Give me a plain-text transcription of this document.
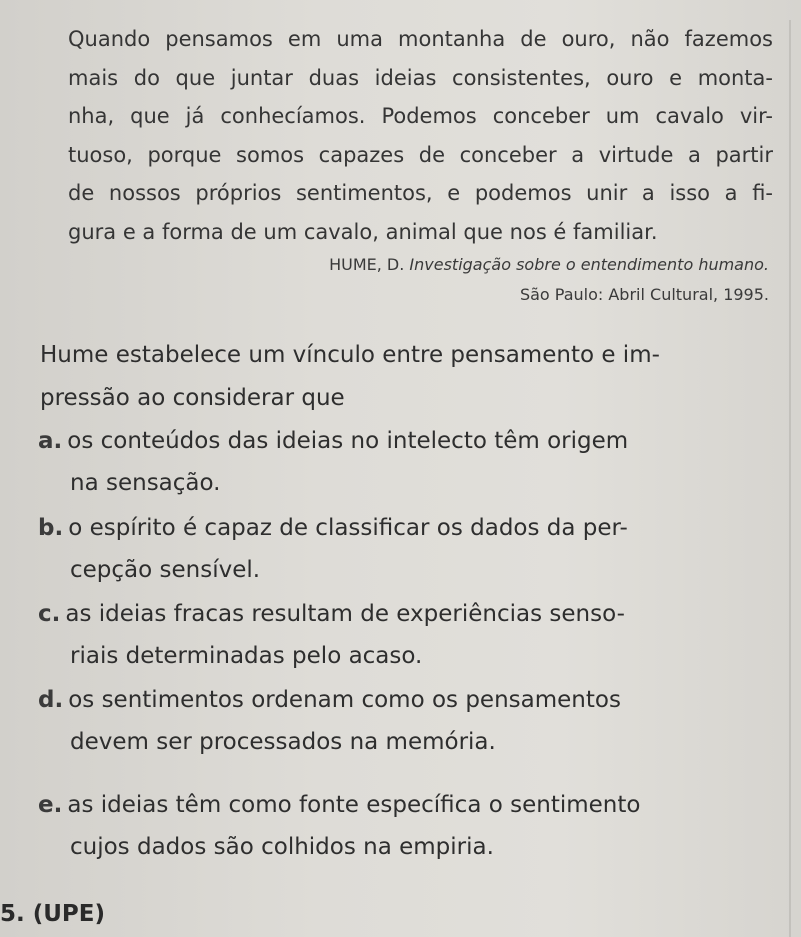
Quando pensamos em uma montanha de ouro, não fazemos
mais do que juntar duas ideias consistentes, ouro e monta-
nha, que já conhecíamos. Podemos conceber um cavalo vir-
tuoso, porque somos capazes de conceber a virtude a partir
de nossos próprios sentimentos, e podemos unir a isso a fi-
gura e a forma de um cavalo, animal que nos é familiar.
HUME, D. Investigação sobre o entendimento humano.
São Paulo: Abril Cultural, 1995.
Hume estabelece um vínculo entre pensamento e im-
pressão ao considerar que
a. os conteúdos das ideias no intelecto têm origem
na sensação.
b. o espírito é capaz de classificar os dados da per-
cepção sensível.
c. as ideias fracas resultam de experiências senso-
riais determinadas pelo acaso.
d. os sentimentos ordenam como os pensamentos
devem ser processados na memória.
e. as ideias têm como fonte específica o sentimento
cujos dados são colhidos na empiria.
5. (UPE)
